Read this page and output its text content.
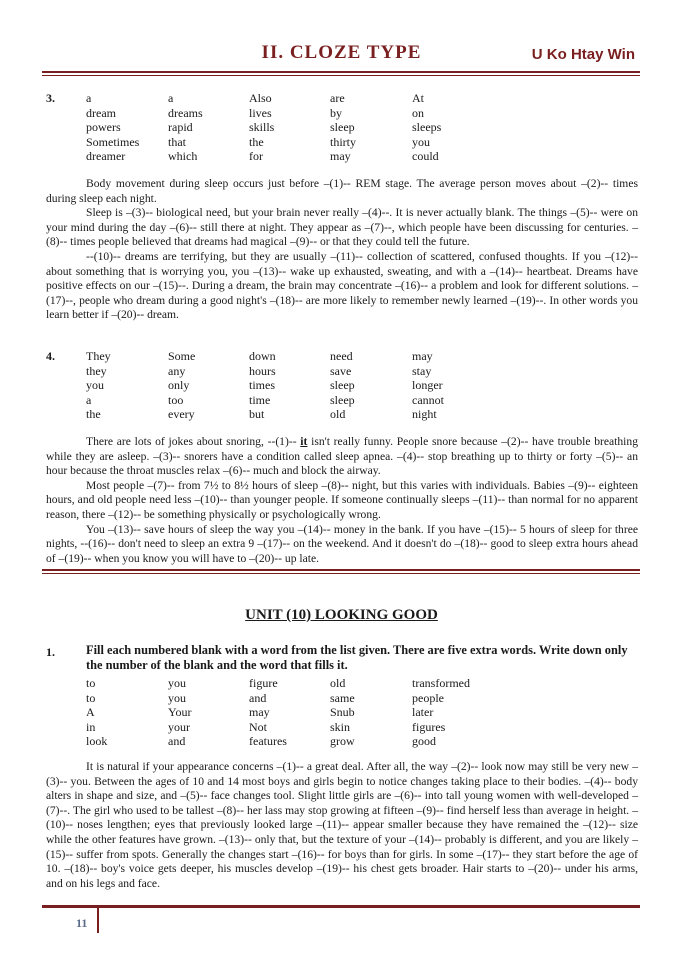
II. CLOZE TYPE	U Ko Htay Win
3.	a	a	Also	are	At
dream	dreams	lives	by	on
powers	rapid	skills	sleep	sleeps
Sometimes	that	the	thirty	you
dreamer	which	for	may	could

Body movement during sleep occurs just before –(1)-- REM stage. The average person moves about –(2)-- times during sleep each night.

Sleep is –(3)-- biological need, but your brain never really –(4)--. It is never actually blank. The things –(5)-- were on your mind during the day –(6)-- still there at night. They appear as –(7)--, which people have been discussing for centuries. –(8)-- times people believed that dreams had magical –(9)-- or that they could tell the future.

--(10)-- dreams are terrifying, but they are usually –(11)-- collection of scattered, confused thoughts. If you –(12)-- about something that is worrying you, you –(13)-- wake up exhausted, sweating, and with a –(14)-- heartbeat. Dreams have positive effects on our –(15)--. During a dream, the brain may concentrate –(16)-- a problem and look for different solutions. –(17)--, people who dream during a good night's –(18)-- are more likely to remember newly learned –(19)--. In other words you learn better if –(20)-- dream.

4.	They	Some	down	need	may
they	any	hours	save	stay
you	only	times	sleep	longer
a	too	time	sleep	cannot
the	every	but	old	night

There are lots of jokes about snoring, --(1)-- it isn't really funny. People snore because –(2)-- have trouble breathing while they are asleep. –(3)-- snorers have a condition called sleep apnea. –(4)-- stop breathing up to thirty or forty –(5)-- an hour because the throat muscles relax –(6)-- much and block the airway.

Most people –(7)-- from 7½ to 8½ hours of sleep –(8)-- night, but this varies with individuals. Babies –(9)-- eighteen hours, and old people need less –(10)-- than younger people. If someone continually sleeps –(11)-- than normal for no apparent reason, there –(12)-- be something physically or psychologically wrong.

You –(13)-- save hours of sleep the way you –(14)-- money in the bank. If you have –(15)-- 5 hours of sleep for three nights, --(16)-- don't need to sleep an extra 9 –(17)-- on the weekend. And it doesn't do –(18)-- good to sleep extra hours ahead of –(19)-- when you know you will have to –(20)-- up late.

UNIT (10) LOOKING GOOD
1.	Fill each numbered blank with a word from the list given. There are five extra words. Write down only the number of the blank and the word that fills it.
to	you	figure	old	transformed
to	you	and	same	people
A	Your	may	Snub	later
in	your	Not	skin	figures
look	and	features	grow	good

It is natural if your appearance concerns –(1)-- a great deal. After all, the way –(2)-- look now may still be very new –(3)-- you. Between the ages of 10 and 14 most boys and girls begin to notice changes taking place to their bodies. –(4)-- body alters in shape and size, and –(5)-- face changes tool. Slight little girls are –(6)-- into tall young women with well-developed –(7)--. The girl who used to be tallest –(8)-- her lass may stop growing at fifteen –(9)-- find herself less than average in height. –(10)-- noses lengthen; eyes that previously looked large –(11)-- appear smaller because they have remained the –(12)-- size while the other features have grown. –(13)-- only that, but the texture of your –(14)-- probably is different, and you are likely –(15)-- suffer from spots. Generally the changes start –(16)-- for boys than for girls. In some –(17)-- they start before the age of 10. –(18)-- boy's voice gets deeper, his muscles develop –(19)-- his chest gets broader. Hair starts to –(20)-- under his arms, and on his legs and face.

11
